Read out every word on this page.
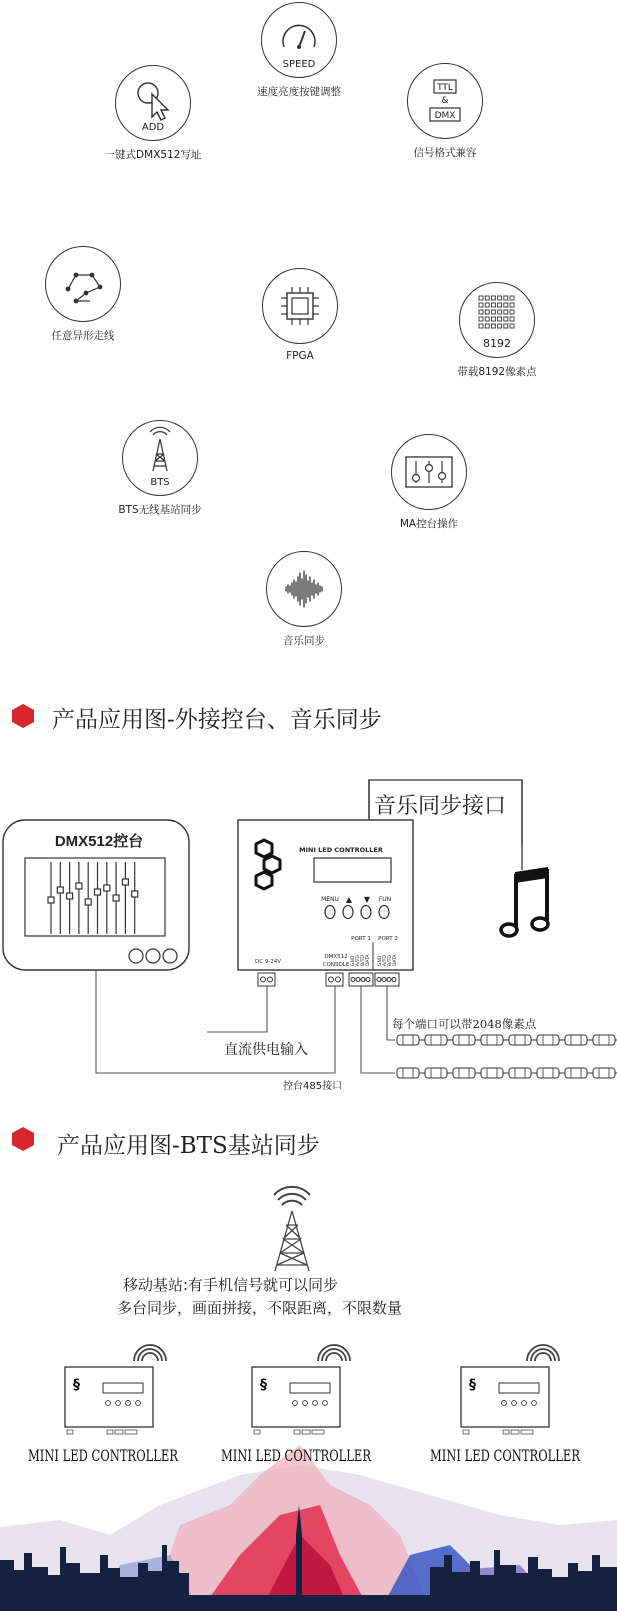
SPEED
速度亮度按键调整
ADD
一键式DMX512写址
TTL
&
DMX
信号格式兼容
任意异形走线
FPGA
8192
带载8192像素点
BTS
BTS无线基站同步
MA控台操作
音乐同步
产品应用图-外接控台、音乐同步
DMX512控台
音乐同步接口
MINI LED CONTROLLER
MENU ▲ ▼ FUN
DC 9-24V
DMX512
CONSOLE
PORT 1 PORT 2
GND A/TD B/TD DATA GND A/TD B/TD DATA
直流供电输入
控台485接口
每个端口可以带2048像素点
产品应用图-BTS基站同步
移动基站:有手机信号就可以同步
多台同步，画面拼接，不限距离，不限数量
§
MINI LED CONTROLLER
§
MINI LED CONTROLLER
§
MINI LED CONTROLLER
